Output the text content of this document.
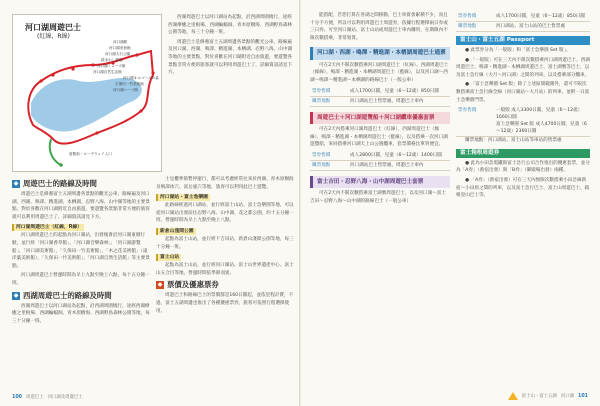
河口湖周遊巴士
(紅線，R線)
河口湖駅
河口湖美術館
河口湖大石公園
猿まわし劇場
河口湖ミューズ館
河口湖自然生活館
河口湖オルゴールの森
久保田一竹美術館
河口湖ハーブ館
遊覧船・ロープウェイ入口
◆ 周遊巴士的路線及時間
周遊巴士是修養富士五湖周邊各景點的觀光公車，路線遍及河口湖、西湖、鳴澤、精進湖、本栖湖、忍野八海、山中湖等地的主要景點，對於喜歡在河口湖附近自由旅遊，要遊覽各景點非常方便的旅客就可以利用周遊巴士了，詳細資訊請見下方。
河口湖周遊巴士（紅線，R線）
河口湖周遊巴士的起點為河口湖站，出發後會沿河口湖東側行駛，並行經「河口湖香草館」、「河口湖音樂森林」、「河口湖游覽船」、「河口湖美術館」、「久保田一竹美術館」、「木之花美術館」（遠洋葉美術館）、「久保田一竹美術館」、「河口湖自然生活館」等主要景點。
河口湖周遊巴士營運時間為早上九點至晚上六點，每十五分鐘一班。
◆ 西湖周遊巴士的路線及時間
西湖周遊巴士以河口湖站為起點，沿西湖周圍繞行，途經西湖療癒之里根場、西湖蝙蝠洞、青木原樹海、西湖野鳥森林公園等地，每三十分鐘一班。
士見櫻季節暫停運行，都可以考慮經常往來於西湖、青木原樹海及鳴澤冰穴、富岳風穴等地，旅客可以利用此巴士遊覽。
河口湖站・富士急樂園
此路線經過河口湖站，並行經富士山站、富士急樂園等地，可以從河口湖站出發前往忍野八海、山中湖、花之都公園，約十五分鐘一班，營運時間為早上九點至晚上八點。
新倉山淺間公園
起點為富士山站，並行經下吉田站、新倉山淺間公園等地，每三十分鐘一班。
富士山站
起點為富士山站，並行經河口湖站、富士山世界遺產中心、富士山五合目等地，營運時間依季節而異。
◆ 票價及優惠票券
周遊巴士和路線巴士的票價都是160日圓起，並依里程計費，不過，富士五湖周邊也推出了各種優惠票券，旅客可依照行程選擇使用。
西湖周遊巴士以河口湖站為起點，沿西湖周圍繞行，途經西湖療癒之里根場、西湖蝙蝠洞、青木原樹海、西湖野鳥森林公園等地，每三十分鐘一班。
周遊巴士是修養富士五湖周邊各景點的觀光公車，路線遍及河口湖、西湖、鳴澤、精進湖、本栖湖、忍野八海、山中湖等地的主要景點，對於喜歡在河口湖附近自由旅遊，要遊覽各景點非常方便的旅客就可以利用周遊巴士了，詳細資訊請見下方。
100 周遊巴士 河口湖及周邊巴士
能搭配，若您打算在各湖之間移動，巴士車資會累積不少，而且十分不方便，所以可以利用周遊巴士周遊券，依據行程選擇兩日券或三日券。可至河口湖站、富士山站或周遊巴士車內購買，在期限內不限次數搭乘，非常划算。
河口湖・西湖・鳴澤・精進湖・本栖湖周遊巴士通票
可在2天內不限次數搭乘河口湖周遊巴士（紅線）、西湖周遊巴士（綠線）、鳴澤・精進湖・本栖湖周遊巴士（藍線），以及河口湖～西湖～鳴澤～精進湖～本栖湖的路線巴士（一般公車）
票券售價	成人1700日圓，兒童（6～12歲）850日圓
購票地點	河口湖站巴士售票處、周遊巴士車內
周遊巴士＋河口湖遊覽船＋河口湖纜車優惠套票
可在2天內搭乘河口湖周遊巴士（紅線）、西湖周遊巴士（綠線）、鳴澤・精進湖・本栖湖周遊巴士（藍線），以及搭乘一次河口湖遊覽船、來回搭乘河口湖天上山公園纜車，套票價格比單買便宜。
票券售價	成人2800日圓，兒童（6～12歲）1400日圓
購票地點	河口湖站巴士售票處、周遊巴士車內
富士吉田・忍野八海・山中湖周遊巴士套票
可在2天內不限次數搭乘富士湖號周遊巴士，以及河口湖～富士吉田～忍野八海～山中湖的路線巴士（一般公車）
票券售價	成人1700日圓，兒童（6～12歲）850日圓
購票地點	河口湖站、富士山站的巴士售票處
富士山・富士五湖 Passport
● 此票券分為「一般版」和「富士急樂園 Set 版」。
● 「一般版」可在三天內不限次數搭乘河口湖周遊巴士、西湖周遊巴士、鳴澤・精進湖・本栖湖周遊巴士、富士湖號等巴士，以及富士急行線（大月～河口湖）之間的列車，以及搭乘部分纜車。
● 「富士急樂園 Set 版」除了上述區間範圍外，還可不限次數搭乘富士急行線全線（河口湖站～大月站）的列車，並附一日富士急樂園門票。
票券售價	一般版 成人3300日圓，兒童（6～12歲）1660日圓
富士急樂園 Set 版 成人4700日圓，兒童（6～12歲）2360日圓
購票地點：河口湖站、富士山站等車站的售票處
富士箱根周遊券
● 此為小田急電鐵與富士急行公司合作推出的優惠套票，並分為「A券」（新宿出發）與「B券」（御殿場出發）兩種。
● 「A券」（新宿出發）可在三天內無限次數搭乘小田急線新宿～小田原之間的列車，以及富士急行巴士、富士山周遊巴士、箱根登山巴士等。
富士山・富士五湖 河口湖 101
